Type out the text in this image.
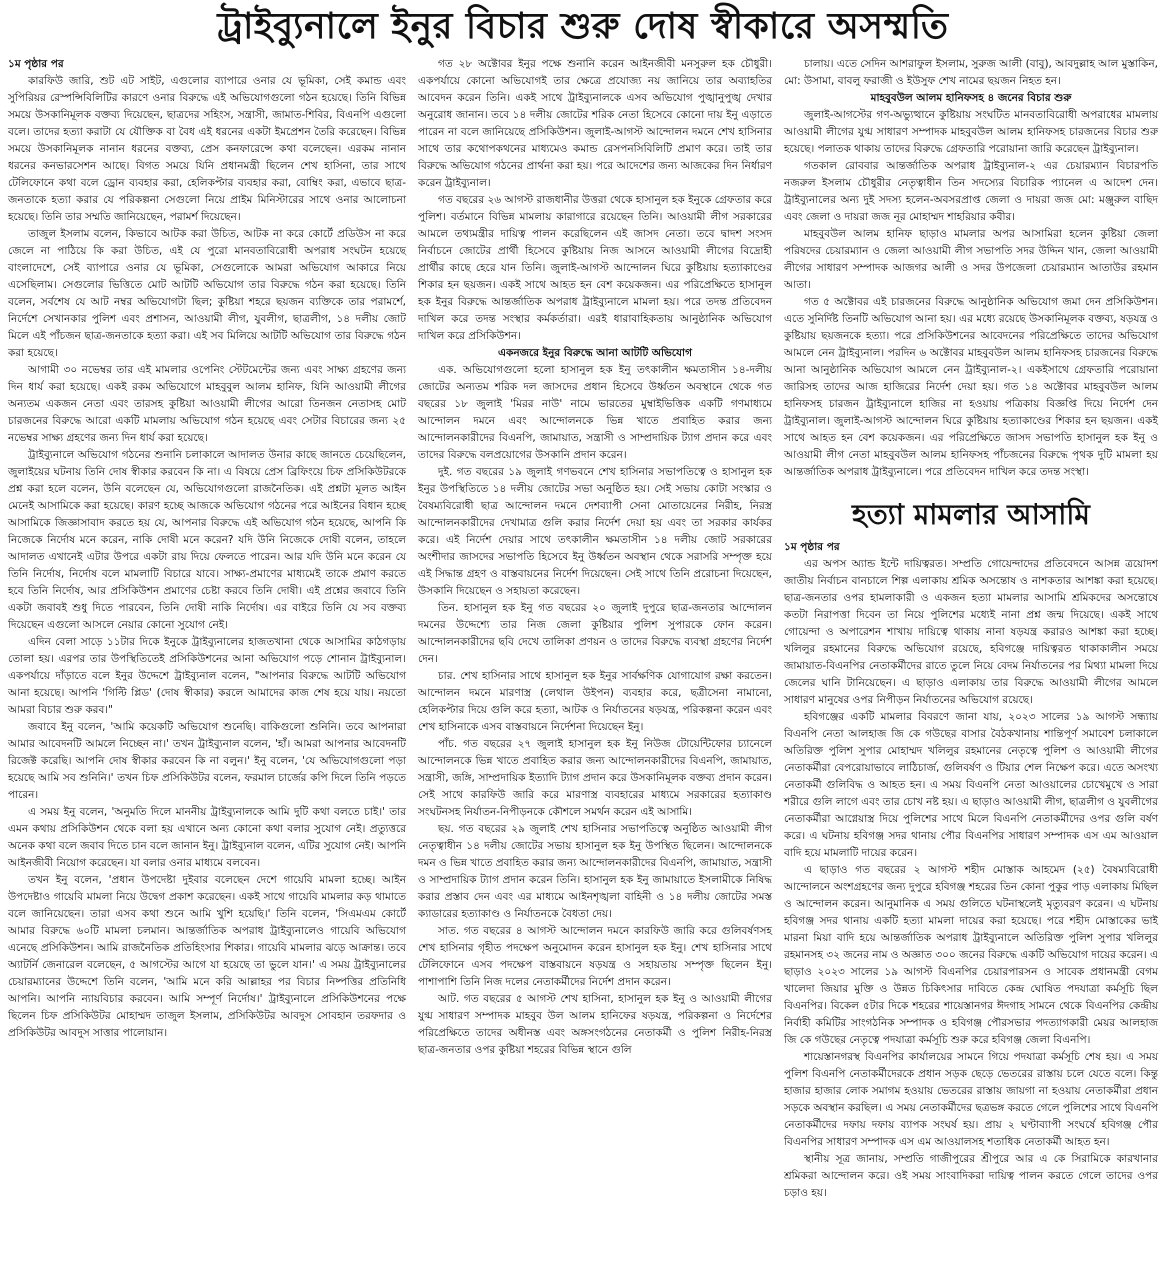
ট্রাইব্যুনালে ইনুর বিচার শুরু দোষ স্বীকারে অসম্মতি

১ম পৃষ্ঠার পর

কারফিউ জারি, শুট এট সাইট, এগুলোর ব্যাপারে ওনার যে ভূমিকা, সেই কমান্ড এবং সুপিরিয়র রেস্পন্সিবিলিটির কারণে ওনার বিরুদ্ধে এই অভিযোগগুলো গঠন হয়েছে। তিনি বিভিন্ন সময়ে উসকানিমূলক বক্তব্য দিয়েছেন, ছাত্রদের সহিংস, সন্ত্রাসী, জামাত-শিবির, বিএনপি এগুলো বলে। তাদের হত্যা করাটা যে যৌক্তিক বা বৈধ এই ধরনের একটা ইমপ্রেশন তৈরি করেছেন। বিভিন্ন সময়ে উসকানিমূলক নানান ধরনের বক্তব্য, প্রেস কনফারেন্সে কথা বলেছেন। এরকম নানান ধরনের কনভারসেশন আছে। বিগত সময়ে যিনি প্রধানমন্ত্রী ছিলেন শেখ হাসিনা, তার সাথে টেলিফোনে কথা বলে ড্রোন ব্যবহার করা, হেলিকপ্টার ব্যবহার করা, বোম্বিং করা, এভাবে ছাত্র-জনতাকে হত্যা করার যে পরিকল্পনা সেগুলো নিয়ে প্রাইম মিনিস্টারের সাথে ওনার আলোচনা হয়েছে। তিনি তার সম্মতি জানিয়েছেন, পরামর্শ দিয়েছেন।

তাজুল ইসলাম বলেন, কিভাবে আটক করা উচিত, আটক না করে কোর্টে প্রডিউস না করে জেলে না পাঠিয়ে কি করা উচিত, এই যে পুরো মানবতাবিরোধী অপরাধ সংঘটন হয়েছে বাংলাদেশে, সেই ব্যাপারে ওনার যে ভূমিকা, সেগুলোকে আমরা অভিযোগ আকারে নিয়ে এসেছিলাম। সেগুলোর ভিত্তিতে মোট আটটি অভিযোগ তার বিরুদ্ধে গঠন করা হয়েছে। তিনি বলেন, সর্বশেষ যে আট নম্বর অভিযোগটা ছিল; কুষ্টিয়া শহরে ছয়জন ব্যক্তিকে তার পরামর্শে, নির্দেশে সেখানকার পুলিশ এবং প্রশাসন, আওয়ামী লীগ, যুবলীগ, ছাত্রলীগ, ১৪ দলীয় জোট মিলে এই পাঁচজন ছাত্র-জনতাকে হত্যা করা। এই সব মিলিয়ে আটটি অভিযোগ তার বিরুদ্ধে গঠন করা হয়েছে।

আগামী ৩০ নভেম্বর তার এই মামলার ওপেনিং স্টেটমেন্টের জন্য এবং সাক্ষ্য গ্রহণের জন্য দিন ধার্য করা হয়েছে। একই রকম অভিযোগে মাহবুবুল আলম হানিফ, যিনি আওয়ামী লীগের অন্যতম একজন নেতা এবং তারসহ কুষ্টিয়া আওয়ামী লীগের আরো তিনজন নেতাসহ মোট চারজনের বিরুদ্ধে আরো একটি মামলায় অভিযোগ গঠন হয়েছে এবং সেটার বিচারের জন্য ২৫ নভেম্বর সাক্ষ্য গ্রহণের জন্য দিন ধার্য করা হয়েছে।

ট্রাইব্যুনালে অভিযোগ গঠনের শুনানি চলাকালে আদালত উনার কাছে জানতে চেয়েছিলেন, জুলাইয়ের ঘটনায় তিনি দোষ স্বীকার করবেন কি না। এ বিষয়ে প্রেস ব্রিফিংয়ে চিফ প্রসিকিউটরকে প্রশ্ন করা হলে বলেন, উনি বলেছেন যে, অভিযোগগুলো রাজনৈতিক। এই প্রশ্নটা মূলত আইন মেনেই আসামিকে করা হয়েছে। কারণ হচ্ছে আজকে অভিযোগ গঠনের পরে আইনের বিধান হচ্ছে আসামিকে জিজ্ঞাসাবাদ করতে হয় যে, আপনার বিরুদ্ধে এই অভিযোগ গঠন হয়েছে, আপনি কি নিজেকে নির্দোষ মনে করেন, নাকি দোষী মনে করেন? যদি উনি নিজেকে দোষী বলেন, তাহলে আদালত এখানেই এটার উপরে একটা রায় দিয়ে ফেলতে পারেন। আর যদি উনি মনে করেন যে তিনি নির্দোষ, নির্দোষ বলে মামলাটি বিচারে যাবে। সাক্ষ্য-প্রমাণের মাধ্যমেই তাকে প্রমাণ করতে হবে তিনি নির্দোষ, আর প্রসিকিউশন প্রমাণের চেষ্টা করবে তিনি দোষী। এই প্রশ্নের জবাবে তিনি একটা জবাবই শুধু দিতে পারবেন, তিনি দোষী নাকি নির্দোষ। এর বাইরে তিনি যে সব বক্তব্য দিয়েছেন এগুলো আসলে নেয়ার কোনো সুযোগ নেই।

এদিন বেলা সাড়ে ১১টার দিকে ইনুকে ট্রাইব্যুনালের হাজতখানা থেকে আসামির কাঠগড়ায় তোলা হয়। এরপর তার উপস্থিতিতেই প্রসিকিউশনের আনা অভিযোগ পড়ে শোনান ট্রাইব্যুনাল। একপর্যায়ে দাঁড়াতে বলে ইনুর উদ্দেশে ট্রাইব্যুনাল বলেন, "আপনার বিরুদ্ধে আটটি অভিযোগ আনা হয়েছে। আপনি 'গিল্টি প্লিড' (দোষ স্বীকার) করলে আমাদের কাজ শেষ হয়ে যায়। নয়তো আমরা বিচার শুরু করব।"

জবাবে ইনু বলেন, 'আমি কয়েকটি অভিযোগ শুনেছি। বাকিগুলো শুনিনি। তবে আপনারা আমার আবেদনটি আমলে নিচ্ছেন না।' তখন ট্রাইব্যুনাল বলেন, 'হাঁ। আমরা আপনার আবেদনটি রিজেক্ট করেছি। আপনি দোষ স্বীকার করবেন কি না বলুন।' ইনু বলেন, 'যে অভিযোগগুলো পড়া হয়েছে আমি সব শুনিনি।' তখন চিফ প্রসিকিউটর বলেন, ফরমাল চার্জের কপি দিলে তিনি পড়তে পারেন।

এ সময় ইনু বলেন, 'অনুমতি দিলে মাননীয় ট্রাইব্যুনালকে আমি দুটি কথা বলতে চাই।' তার এমন কথায় প্রসিকিউশন থেকে বলা হয় এখানে অন্য কোনো কথা বলার সুযোগ নেই। প্রত্যুত্তরে অনেক কথা বলে জবাব দিতে চান বলে জানান ইনু। ট্রাইব্যুনাল বলেন, এটির সুযোগ নেই। আপনি আইনজীবী নিয়োগ করেছেন। যা বলার ওনার মাধ্যমে বলবেন।

তখন ইনু বলেন, 'প্রধান উপদেষ্টা দুইবার বলেছেন দেশে গায়েবি মামলা হচ্ছে। আইন উপদেষ্টাও গায়েবি মামলা নিয়ে উদ্বেগ প্রকাশ করেছেন। একই সাথে গায়েবি মামলার কড় থামাতে বলে জানিয়েছেন। তারা এসব কথা শুনে আমি খুশি হয়েছি।' তিনি বলেন, 'সিএমএম কোর্টে আমার বিরুদ্ধে ৬০টি মামলা চলমান। আন্তর্জাতিক অপরাধ ট্রাইব্যুনালেও গায়েবি অভিযোগ এনেছে প্রসিকিউশন। আমি রাজনৈতিক প্রতিহিংসার শিকার। গায়েবি মামলার ঝড়ে আক্রান্ত। তবে অ্যাটর্নি জেনারেল বলেছেন, ৫ আগস্টের আগে যা হয়েছে তা ভুলে যান।' এ সময় ট্রাইব্যুনালের চেয়ারম্যানের উদ্দেশে তিনি বলেন, 'আমি মনে করি আল্লাহর পর বিচার নিষ্পত্তির প্রতিনিধি আপনি। আপনি ন্যায়বিচার করবেন। আমি সম্পূর্ণ নির্দোষ।' ট্রাইব্যুনালে প্রসিকিউশনের পক্ষে ছিলেন চিফ প্রসিকিউটর মোহাম্মদ তাজুল ইসলাম, প্রসিকিউটর আবদুস সোবহান তরফদার ও প্রসিকিউটর আবদুস সাত্তার পালোয়ান।

গত ২৮ অক্টোবর ইনুর পক্ষে শুনানি করেন আইনজীবী মনসুরুল হক চৌধুরী। একপর্যায়ে কোনো অভিযোগই তার ক্ষেত্রে প্রযোজ্য নয় জানিয়ে তার অব্যাহতির আবেদন করেন তিনি। একই সাথে ট্রাইব্যুনালকে এসব অভিযোগ পুঙ্খানুপুঙ্খ দেখার অনুরোধ জানান। তবে ১৪ দলীয় জোটের শরিক নেতা হিসেবে কোনো দায় ইনু এড়াতে পারেন না বলে জানিয়েছে প্রসিকিউশন। জুলাই-আগস্ট আন্দোলন দমনে শেখ হাসিনার সাথে তার কথোপকথনের মাধ্যমেও কমান্ড রেসপনসিবিলিটি প্রমাণ করে। তাই তার বিরুদ্ধে অভিযোগ গঠনের প্রার্থনা করা হয়। পরে আদেশের জন্য আজকের দিন নির্ধারণ করেন ট্রাইব্যুনাল।

গত বছরের ২৬ আগস্ট রাজধানীর উত্তরা থেকে হাসানুল হক ইনুকে গ্রেফতার করে পুলিশ। বর্তমানে বিভিন্ন মামলায় কারাগারে রয়েছেন তিনি। আওয়ামী লীগ সরকারের আমলে তথ্যমন্ত্রীর দায়িত্ব পালন করেছিলেন এই জাসদ নেতা। তবে দ্বাদশ সংসদ নির্বাচনে জোটের প্রার্থী হিসেবে কুষ্টিয়ায় নিজ আসনে আওয়ামী লীগের বিদ্রোহী প্রার্থীর কাছে হেরে যান তিনি। জুলাই-আগস্ট আন্দোলন ঘিরে কুষ্টিয়ায় হত্যাকাণ্ডের শিকার হন ছয়জন। একই সাথে আহত হন বেশ কয়েকজন। এর পরিপ্রেক্ষিতে হাসানুল হক ইনুর বিরুদ্ধে আন্তর্জাতিক অপরাধ ট্রাইব্যুনালে মামলা হয়। পরে তদন্ত প্রতিবেদন দাখিল করে তদন্ত সংস্থার কর্মকর্তারা। এরই ধারাবাহিকতায় আনুষ্ঠানিক অভিযোগ দাখিল করে প্রসিকিউশন।

একনজরে ইনুর বিরুদ্ধে আনা আটটি অভিযোগ

এক. অভিযোগগুলো হলো হাসানুল হক ইনু তৎকালীন ক্ষমতাসীন ১৪-দলীয় জোটের অন্যতম শরিক দল জাসদের প্রধান হিসেবে উর্ধ্বতন অবস্থানে থেকে গত বছরের ১৮ জুলাই 'মিরর নাউ' নামে ভারতের মুম্বাইভিত্তিক একটি গণমাধ্যমে আন্দোলন দমনে এবং আন্দোলনকে ভিন্ন খাতে প্রবাহিত করার জন্য আন্দোলনকারীদের বিএনপি, জামায়াত, সন্ত্রাসী ও সাম্প্রদায়িক ট্যাগ প্রদান করে এবং তাদের বিরুদ্ধে বলপ্রয়োগের উসকানি প্রদান করেন।

দুই. গত বছরের ১৯ জুলাই গণভবনে শেখ হাসিনার সভাপতিত্বে ও হাসানুল হক ইনুর উপস্থিতিতে ১৪ দলীয় জোটের সভা অনুষ্ঠিত হয়। সেই সভায় কোটা সংস্কার ও বৈষম্যবিরোধী ছাত্র আন্দোলন দমনে দেশব্যাপী সেনা মোতায়েনের নিরীহ, নিরস্ত্র আন্দোলনকারীদের দেখামাত্র গুলি করার নির্দেশ দেয়া হয় এবং তা সরকার কার্যকর করে। এই নির্দেশ দেয়ার সাথে তৎকালীন ক্ষমতাসীন ১৪ দলীয় জোট সরকারের অংশীদার জাসদের সভাপতি হিসেবে ইনু উর্ধ্বতন অবস্থান থেকে সরাসরি সম্পৃক্ত হয়ে এই সিদ্ধান্ত গ্রহণ ও বাস্তবায়নের নির্দেশ দিয়েছেন। সেই সাথে তিনি প্ররোচনা দিয়েছেন, উসকানি দিয়েছেন ও সহায়তা করেছেন।

তিন. হাসানুল হক ইনু গত বছরের ২০ জুলাই দুপুরে ছাত্র-জনতার আন্দোলন দমনের উদ্দেশ্যে তার নিজ জেলা কুষ্টিয়ার পুলিশ সুপারকে ফোন করেন। আন্দোলনকারীদের ছবি দেখে তালিকা প্রণয়ন ও তাদের বিরুদ্ধে ব্যবস্থা গ্রহণের নির্দেশ দেন।

চার. শেখ হাসিনার সাথে হাসানুল হক ইনুর সার্বক্ষণিক যোগাযোগ রক্ষা করতেন। আন্দোলন দমনে মারণাস্ত্র (লেথাল উইপন) ব্যবহার করে, ছত্রীসেনা নামানো, হেলিকপ্টার দিয়ে গুলি করে হত্যা, আটক ও নির্যাতনের ষড়যন্ত্র, পরিকল্পনা করেন এবং শেখ হাসিনাকে এসব বাস্তবায়নে নির্দেশনা দিয়েছেন ইনু।

পাঁচ. গত বছরের ২৭ জুলাই হাসানুল হক ইনু নিউজ টোয়েন্টিফোর চ্যানেলে আন্দোলনকে ভিন্ন খাতে প্রবাহিত করার জন্য আন্দোলনকারীদের বিএনপি, জামায়াত, সন্ত্রাসী, জঙ্গি, সাম্প্রদায়িক ইত্যাদি ট্যাগ প্রদান করে উসকানিমূলক বক্তব্য প্রদান করেন। সেই সাথে কারফিউ জারি করে মারণাস্ত্র ব্যবহারের মাধ্যমে সরকারের হত্যাকাণ্ড সংঘটনসহ নির্যাতন-নিপীড়নকে কৌশলে সমর্থন করেন এই আসামি।

ছয়. গত বছরের ২৯ জুলাই শেখ হাসিনার সভাপতিত্বে অনুষ্ঠিত আওয়ামী লীগ নেতৃত্বাধীন ১৪ দলীয় জোটের সভায় হাসানুল হক ইনু উপস্থিত ছিলেন। আন্দোলনকে দমন ও ভিন্ন খাতে প্রবাহিত করার জন্য আন্দোলনকারীদের বিএনপি, জামায়াত, সন্ত্রাসী ও সাম্প্রদায়িক ট্যাগ প্রদান করেন তিনি। হাসানুল হক ইনু জামায়াতে ইসলামীকে নিষিদ্ধ করার প্রস্তাব দেন এবং এর মাধ্যমে আইনশৃঙ্খলা বাহিনী ও ১৪ দলীয় জোটের সমস্ত ক্যাডারের হত্যাকাণ্ড ও নির্যাতনকে বৈধতা দেয়।

সাত. গত বছরের ৪ আগস্ট আন্দোলন দমনে কারফিউ জারি করে গুলিবর্ষণসহ শেখ হাসিনার গৃহীত পদক্ষেপ অনুমোদন করেন হাসানুল হক ইনু। শেখ হাসিনার সাথে টেলিফোনে এসব পদক্ষেপ বাস্তবায়নে ষড়যন্ত্র ও সহায়তায় সম্পৃক্ত ছিলেন ইনু। পাশাপাশি তিনি নিজ দলের নেতাকর্মীদের নির্দেশ প্রদান করেন।

আট. গত বছরের ৫ আগস্ট শেখ হাসিনা, হাসানুল হক ইনু ও আওয়ামী লীগের যুগ্ম সাধারণ সম্পাদক মাহবুব উল আলম হানিফের ষড়যন্ত্র, পরিকল্পনা ও নির্দেশের পরিপ্রেক্ষিতে তাদের অধীনস্ত এবং অঙ্গসংগঠনের নেতাকর্মী ও পুলিশ নিরীহ-নিরস্ত্র ছাত্র-জনতার ওপর কুষ্টিয়া শহরের বিভিন্ন স্থানে গুলি

চালায়। এতে সেদিন আশরাফুল ইসলাম, সুরুজ আলী (বাবু), আবদুল্লাহ আল মুস্তাকিন, মো: উসামা, বাবলু ফরাজী ও ইউসুফ শেখ নামের ছয়জন নিহত হন।

মাহবুবউল আলম হানিফসহ ৪ জনের বিচার শুরু

জুলাই-আগস্টের গণ-অভ্যুত্থানে কুষ্টিয়ায় সংঘটিত মানবতাবিরোধী অপরাধের মামলায় আওয়ামী লীগের যুগ্ম সাধারণ সম্পাদক মাহবুবউল আলম হানিফসহ চারজনের বিচার শুরু হয়েছে। পলাতক থাকায় তাদের বিরুদ্ধে গ্রেফতারি পরোয়ানা জারি করেছেন ট্রাইব্যুনাল।

গতকাল রোববার আন্তর্জাতিক অপরাধ ট্রাইব্যুনাল-২ এর চেয়ারম্যান বিচারপতি নজরুল ইসলাম চৌধুরীর নেতৃত্বাধীন তিন সদস্যের বিচারিক প্যানেল এ আদেশ দেন। ট্রাইব্যুনালের অন্য দুই সদস্য হলেন-অবসরপ্রাপ্ত জেলা ও দায়রা জজ মো: মঞ্জুরুল বাছিদ এবং জেলা ও দায়রা জজ নূর মোহাম্মদ শাহরিয়ার কবীর।

মাহবুবউল আলম হানিফ ছাড়াও মামলার অপর আসামিরা হলেন কুষ্টিয়া জেলা পরিষদের চেয়ারম্যান ও জেলা আওয়ামী লীগ সভাপতি সদর উদ্দিন খান, জেলা আওয়ামী লীগের সাধারণ সম্পাদক আজগর আলী ও সদর উপজেলা চেয়ারম্যান আতাউর রহমান আতা।

গত ৫ অক্টোবর এই চারজনের বিরুদ্ধে আনুষ্ঠানিক অভিযোগ জমা দেন প্রসিকিউশন। এতে সুনির্দিষ্ট তিনটি অভিযোগ আনা হয়। এর মধ্যে রয়েছে উসকানিমূলক বক্তব্য, ষড়যন্ত্র ও কুষ্টিয়ায় ছয়জনকে হত্যা। পরে প্রসিকিউশনের আবেদনের পরিপ্রেক্ষিতে তাদের অভিযোগ আমলে নেন ট্রাইব্যুনাল। পরদিন ৬ অক্টোবর মাহবুবউল আলম হানিফসহ চারজনের বিরুদ্ধে আনা আনুষ্ঠানিক অভিযোগ আমলে নেন ট্রাইব্যুনাল-২। একইসাথে গ্রেফতারি পরোয়ানা জারিসহ তাদের আজ হাজিরের নির্দেশ দেয়া হয়। গত ১৪ অক্টোবর মাহবুবউল আলম হানিফসহ চারজন ট্রাইব্যুনালে হাজির না হওয়ায় পত্রিকায় বিজ্ঞপ্তি দিয়ে নির্দেশ দেন ট্রাইব্যুনাল। জুলাই-আগস্ট আন্দোলন ঘিরে কুষ্টিয়ায় হত্যাকাণ্ডের শিকার হন ছয়জন। একই সাথে আহত হন বেশ কয়েকজন। এর পরিপ্রেক্ষিতে জাসদ সভাপতি হাসানুল হক ইনু ও আওয়ামী লীগ নেতা মাহবুবউল আলম হানিফসহ পাঁচজনের বিরুদ্ধে পৃথক দুটি মামলা হয় আন্তর্জাতিক অপরাধ ট্রাইব্যুনালে। পরে প্রতিবেদন দাখিল করে তদন্ত সংস্থা।

হত্যা মামলার আসামি

১ম পৃষ্ঠার পর

এর অপস অ্যান্ড ইন্টে দায়িত্বরত। সম্প্রতি গোয়েন্দাদের প্রতিবেদনে আসন্ন ত্রয়োদশ জাতীয় নির্বাচন বানচালে শিল্প এলাকায় শ্রমিক অসন্তোষ ও নাশকতার আশঙ্কা করা হয়েছে। ছাত্র-জনতার ওপর হামলাকারী ও একজন হত্যা মামলার আসামি শ্রমিকদের অসন্তোষে কতটা নিরাপত্তা দিবেন তা নিয়ে পুলিশের মধ্যেই নানা প্রশ্ন জন্ম দিয়েছে। একই সাথে গোয়েন্দা ও অপারেশন শাখায় দায়িত্বে থাকায় নানা ষড়যন্ত্র করারও আশঙ্কা করা হচ্ছে। খলিলুর রহমানের বিরুদ্ধে অভিযোগ রয়েছে, হবিগঞ্জে দায়িত্বরত থাকাকালীন সময়ে জামায়াত-বিএনপির নেতাকর্মীদের রাতে তুলে নিয়ে বেদম নির্যাতনের পর মিথ্যা মামলা দিয়ে জেলের ঘানি টানিয়েছেন। এ ছাড়াও এলাকায় তার বিরুদ্ধে আওয়ামী লীগের আমলে সাধারণ মানুষের ওপর নিপীড়ন নির্যাতনের অভিযোগ রয়েছে।

হবিগঞ্জের একটি মামলার বিবরণে জানা যায়, ২০২৩ সালের ১৯ আগস্ট সন্ধ্যায় বিএনপি নেতা আলহাজ জি কে গউছের বাসার বৈঠকখানায় শান্তিপূর্ণ সমাবেশ চলাকালে অতিরিক্ত পুলিশ সুপার মোহাম্মদ খলিলুর রহমানের নেতৃত্বে পুলিশ ও আওয়ামী লীগের নেতাকর্মীরা বেপরোয়াভাবে লাঠিচার্জ, গুলিবর্ষণ ও টিয়ার শেল নিক্ষেপ করে। এতে অসংখ্য নেতাকর্মী গুলিবিদ্ধ ও আহত হন। এ সময় বিএনপি নেতা আওয়ালের চোখেমুখে ও সারা শরীরে গুলি লাগে এবং তার চোখ নষ্ট হয়। এ ছাড়াও আওয়ামী লীগ, ছাত্রলীগ ও যুবলীগের নেতাকর্মীরা আগ্নেয়াস্ত্র দিয়ে পুলিশের সাথে মিলে বিএনপি নেতাকর্মীদের ওপর গুলি বর্ষণ করে। এ ঘটনায় হবিগঞ্জ সদর থানায় পৌর বিএনপির সাধারণ সম্পাদক এস এম আওয়াল বাদি হয়ে মামলাটি দায়ের করেন।

এ ছাড়াও গত বছরের ২ আগস্ট শহীদ মোস্তাক আহমেদ (২৫) বৈষম্যবিরোধী আন্দোলনে অংশগ্রহণের জন্য দুপুরে হবিগঞ্জ শহরের তিন কোনা পুকুর পাড় এলাকায় মিছিল ও আন্দোলন করেন। আনুমানিক এ সময় গুলিতে ঘটনাস্থলেই মৃত্যুবরণ করেন। এ ঘটনায় হবিগঞ্জ সদর থানায় একটি হত্যা মামলা দায়ের করা হয়েছে। পরে শহীদ মোস্তাকের ভাই মারনা মিয়া বাদি হয়ে আন্তর্জাতিক অপরাধ ট্রাইব্যুনালে অতিরিক্ত পুলিশ সুপার খলিলুর রহমানসহ ৩২ জনের নাম ও অজ্ঞাত ৩০০ জনের বিরুদ্ধে একটি অভিযোগ দায়ের করেন। এ ছাড়াও ২০২৩ সালের ১৯ আগস্ট বিএনপির চেয়ারপারসন ও সাবেক প্রধানমন্ত্রী বেগম খালেদা জিয়ার মুক্তি ও উন্নত চিকিৎসার দাবিতে কেন্দ্র ঘোষিত পদযাত্রা কর্মসূচি ছিল বিএনপির। বিকেল ৫টার দিকে শহরের শায়েস্তানগর ঈদগাহ সামনে থেকে বিএনপির কেন্দ্রীয় নির্বাহী কমিটির সাংগঠনিক সম্পাদক ও হবিগঞ্জ পৌরসভার পদত্যাগকারী মেয়র আলহাজ জি কে গউছের নেতৃত্বে পদযাত্রা কর্মসূচি শুরু করে হবিগঞ্জ জেলা বিএনপি।

শায়েস্তানগরস্থ বিএনপির কার্যালয়ের সামনে গিয়ে পদযাত্রা কর্মসূচি শেষ হয়। এ সময় পুলিশ বিএনপি নেতাকর্মীদেরকে প্রধান সড়ক ছেড়ে ভেতরের রাস্তায় চলে যেতে বলে। কিন্তু হাজার হাজার লোক সমাগম হওয়ায় ভেতরের রাস্তায় জায়গা না হওয়ায় নেতাকর্মীরা প্রধান সড়কে অবস্থান করছিল। এ সময় নেতাকর্মীদের ছত্রভঙ্গ করতে গেলে পুলিশের সাথে বিএনপি নেতাকর্মীদের দফায় দফায় ব্যাপক সংঘর্ষ হয়। প্রায় ২ ঘণ্টাব্যাপী সংঘর্ষে হবিগঞ্জ পৌর বিএনপির সাধারণ সম্পাদক এস এম আওয়ালসহ শতাধিক নেতাকর্মী আহত হন।

স্থানীয় সূত্র জানায়, সম্প্রতি গাজীপুরের শ্রীপুরে আর এ কে সিরামিকে কারখানার শ্রমিকরা আন্দোলন করে। ওই সময় সাংবাদিকরা দায়িত্ব পালন করতে গেলে তাদের ওপর চড়াও হয়।
